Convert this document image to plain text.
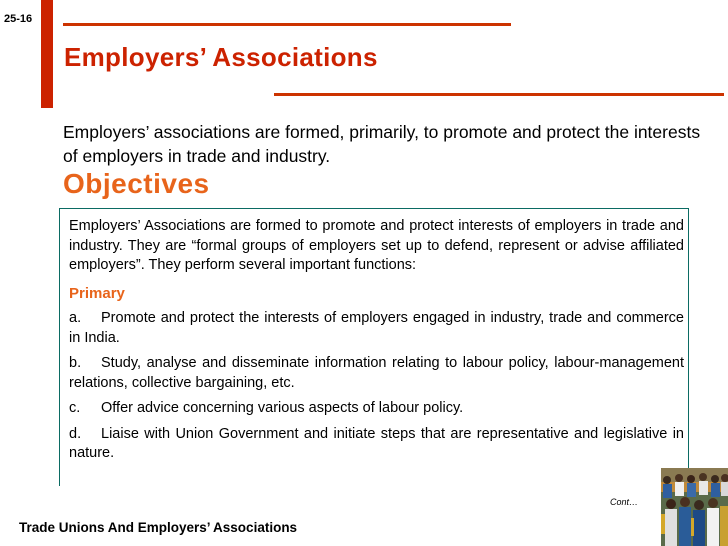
25-16
Employers’ Associations
Employers’ associations are formed, primarily, to promote and protect the interests of employers in trade and industry.
Objectives

Employers’ Associations are formed to promote and protect interests of employers in trade and industry. They are “formal groups of employers set up to defend, represent or advise affiliated employers”. They perform several important functions:

Primary

a. Promote and protect the interests of employers engaged in industry, trade and commerce in India.

b. Study, analyse and disseminate information relating to labour policy, labour-management relations, collective bargaining, etc.

c. Offer advice concerning various aspects of labour policy.

d. Liaise with Union Government and initiate steps that are representative and legislative in nature.

Cont…
Trade Unions And Employers’ Associations
